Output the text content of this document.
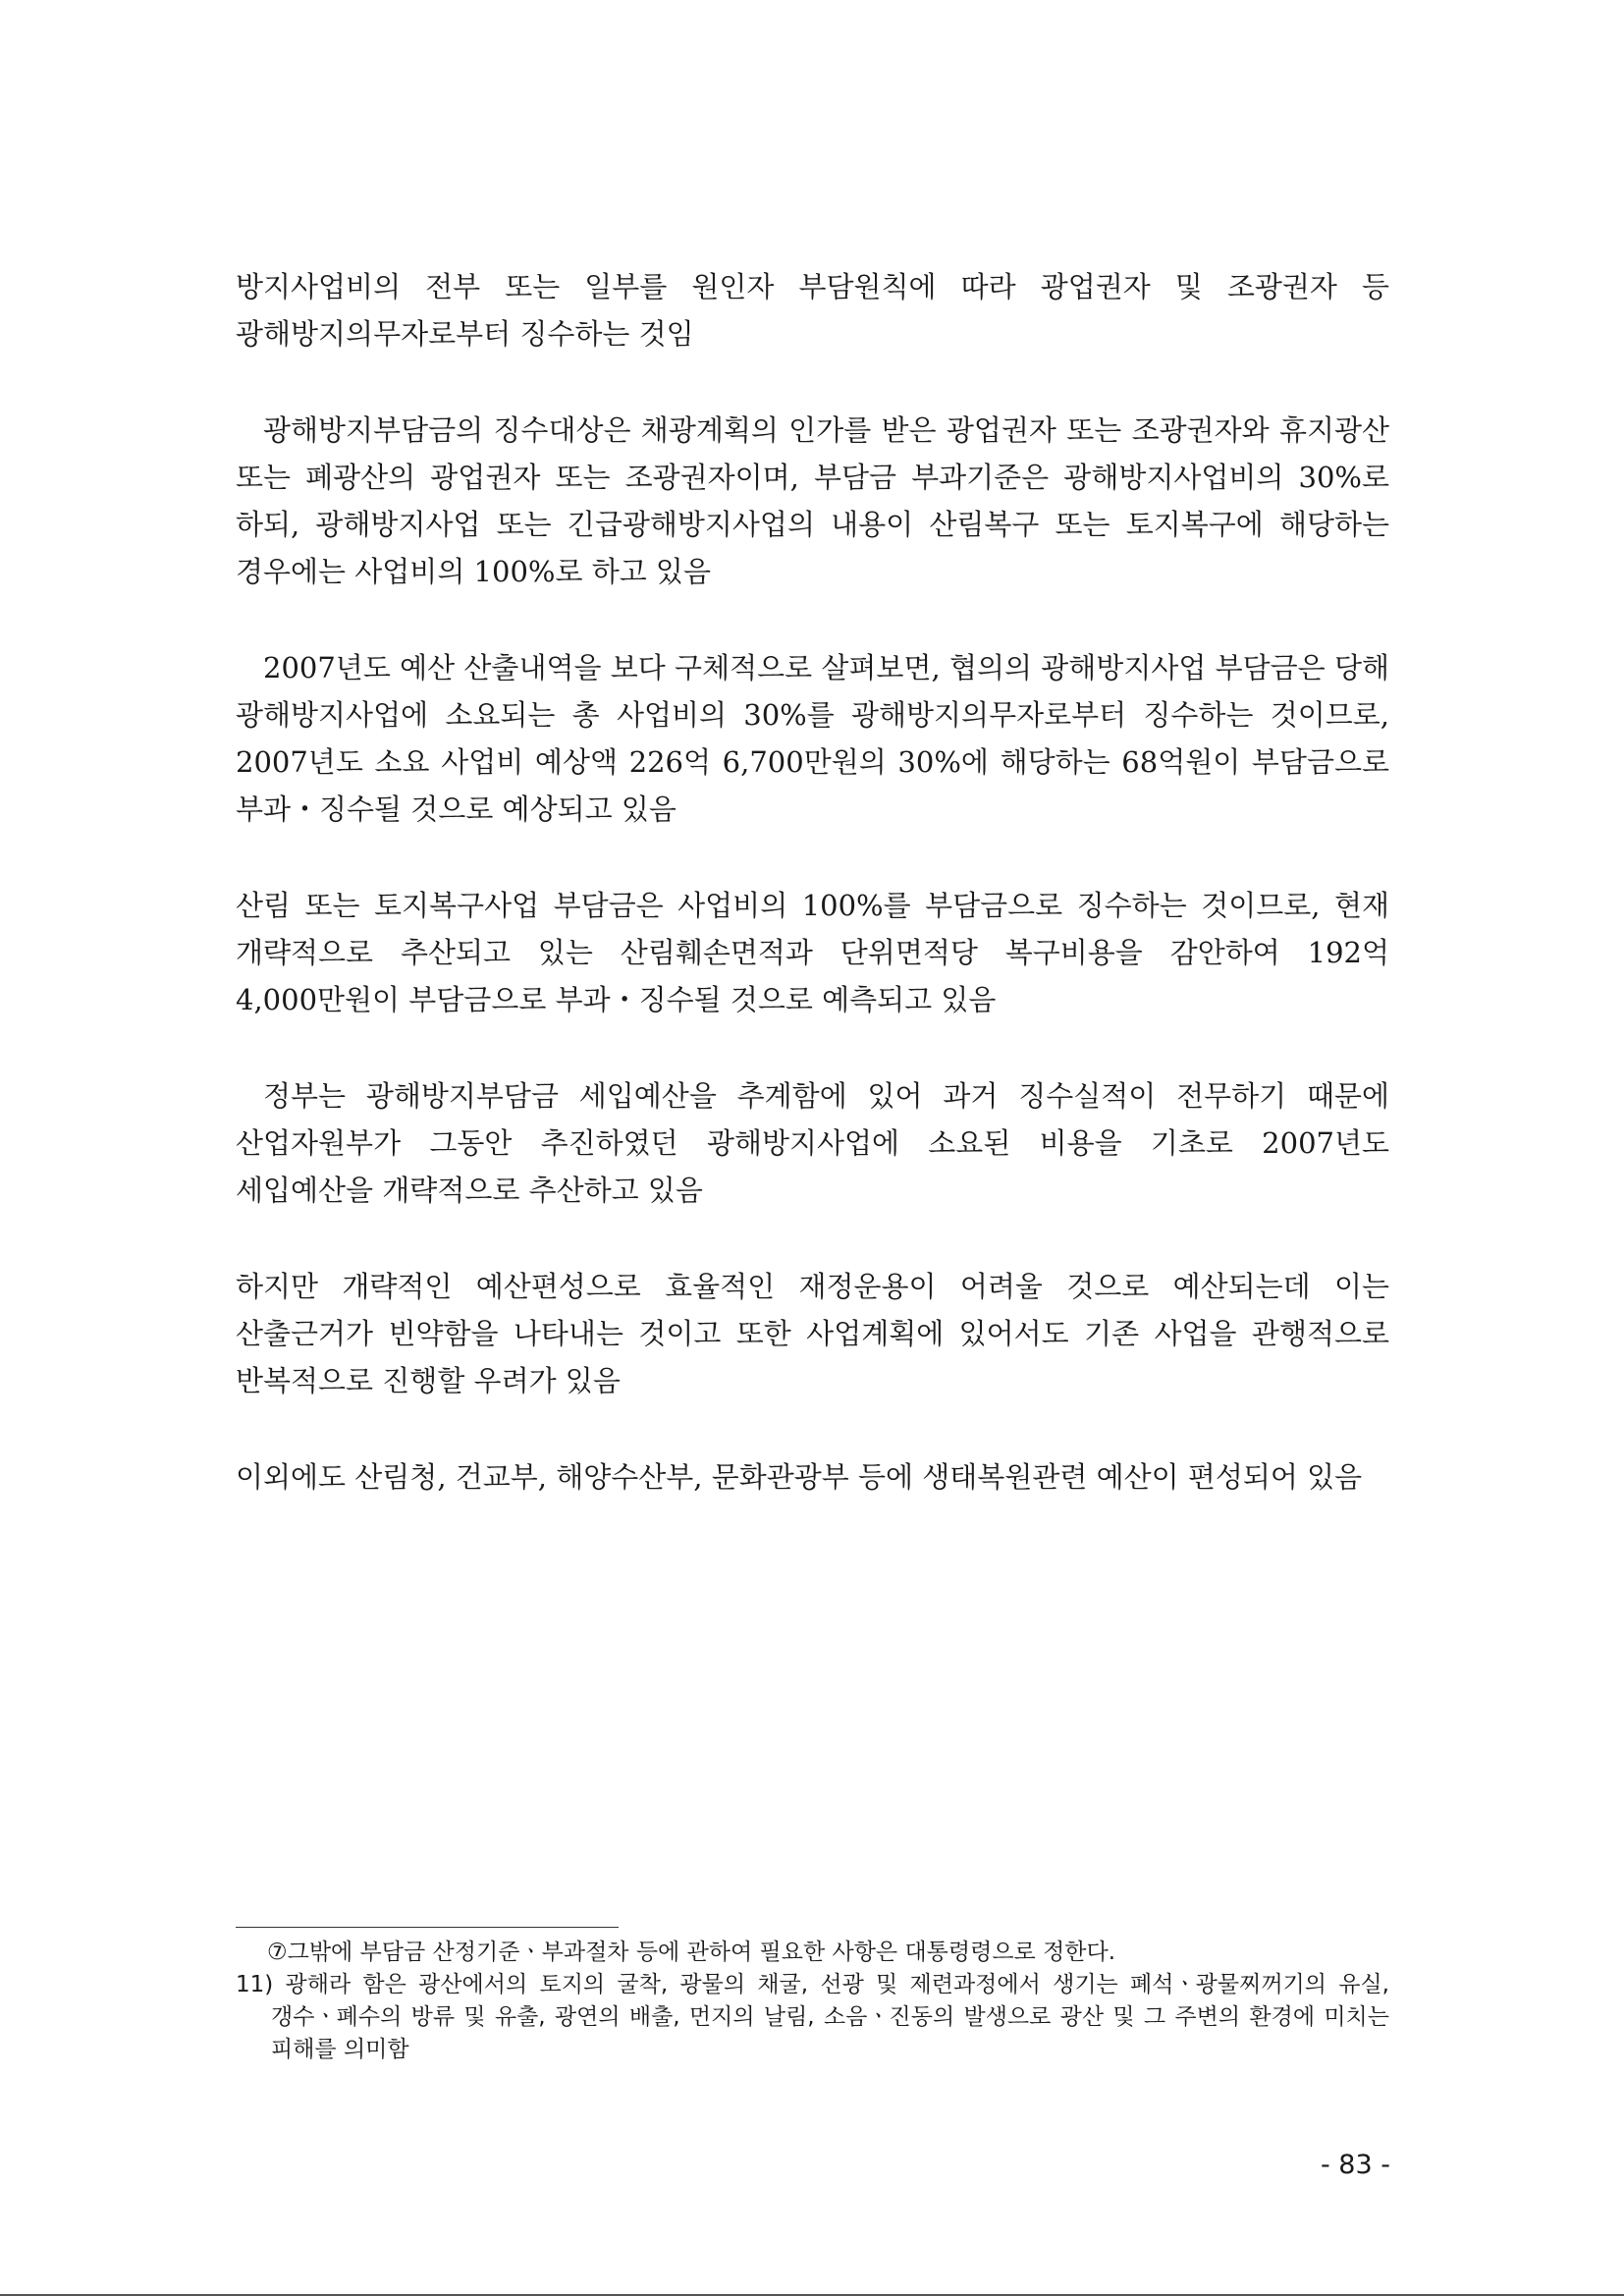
방지사업비의 전부 또는 일부를 원인자 부담원칙에 따라 광업권자 및 조광권자 등 광해방지의무자로부터 징수하는 것임

광해방지부담금의 징수대상은 채광계획의 인가를 받은 광업권자 또는 조광권자와 휴지광산 또는 폐광산의 광업권자 또는 조광권자이며, 부담금 부과기준은 광해방지사업비의 30%로 하되, 광해방지사업 또는 긴급광해방지사업의 내용이 산림복구 또는 토지복구에 해당하는 경우에는 사업비의 100%로 하고 있음

2007년도 예산 산출내역을 보다 구체적으로 살펴보면, 협의의 광해방지사업 부담금은 당해 광해방지사업에 소요되는 총 사업비의 30%를 광해방지의무자로부터 징수하는 것이므로, 2007년도 소요 사업비 예상액 226억 6,700만원의 30%에 해당하는 68억원이 부담금으로 부과・징수될 것으로 예상되고 있음

산림 또는 토지복구사업 부담금은 사업비의 100%를 부담금으로 징수하는 것이므로, 현재 개략적으로 추산되고 있는 산림훼손면적과 단위면적당 복구비용을 감안하여 192억 4,000만원이 부담금으로 부과・징수될 것으로 예측되고 있음

정부는 광해방지부담금 세입예산을 추계함에 있어 과거 징수실적이 전무하기 때문에 산업자원부가 그동안 추진하였던 광해방지사업에 소요된 비용을 기초로 2007년도 세입예산을 개략적으로 추산하고 있음

하지만 개략적인 예산편성으로 효율적인 재정운용이 어려울 것으로 예산되는데 이는 산출근거가 빈약함을 나타내는 것이고 또한 사업계획에 있어서도 기존 사업을 관행적으로 반복적으로 진행할 우려가 있음

이외에도 산림청, 건교부, 해양수산부, 문화관광부 등에 생태복원관련 예산이 편성되어 있음

⑦그밖에 부담금 산정기준ㆍ부과절차 등에 관하여 필요한 사항은 대통령령으로 정한다.

11) 광해라 함은 광산에서의 토지의 굴착, 광물의 채굴, 선광 및 제련과정에서 생기는 폐석ㆍ광물찌꺼기의 유실, 갱수ㆍ폐수의 방류 및 유출, 광연의 배출, 먼지의 날림, 소음ㆍ진동의 발생으로 광산 및 그 주변의 환경에 미치는 피해를 의미함

- 83 -
